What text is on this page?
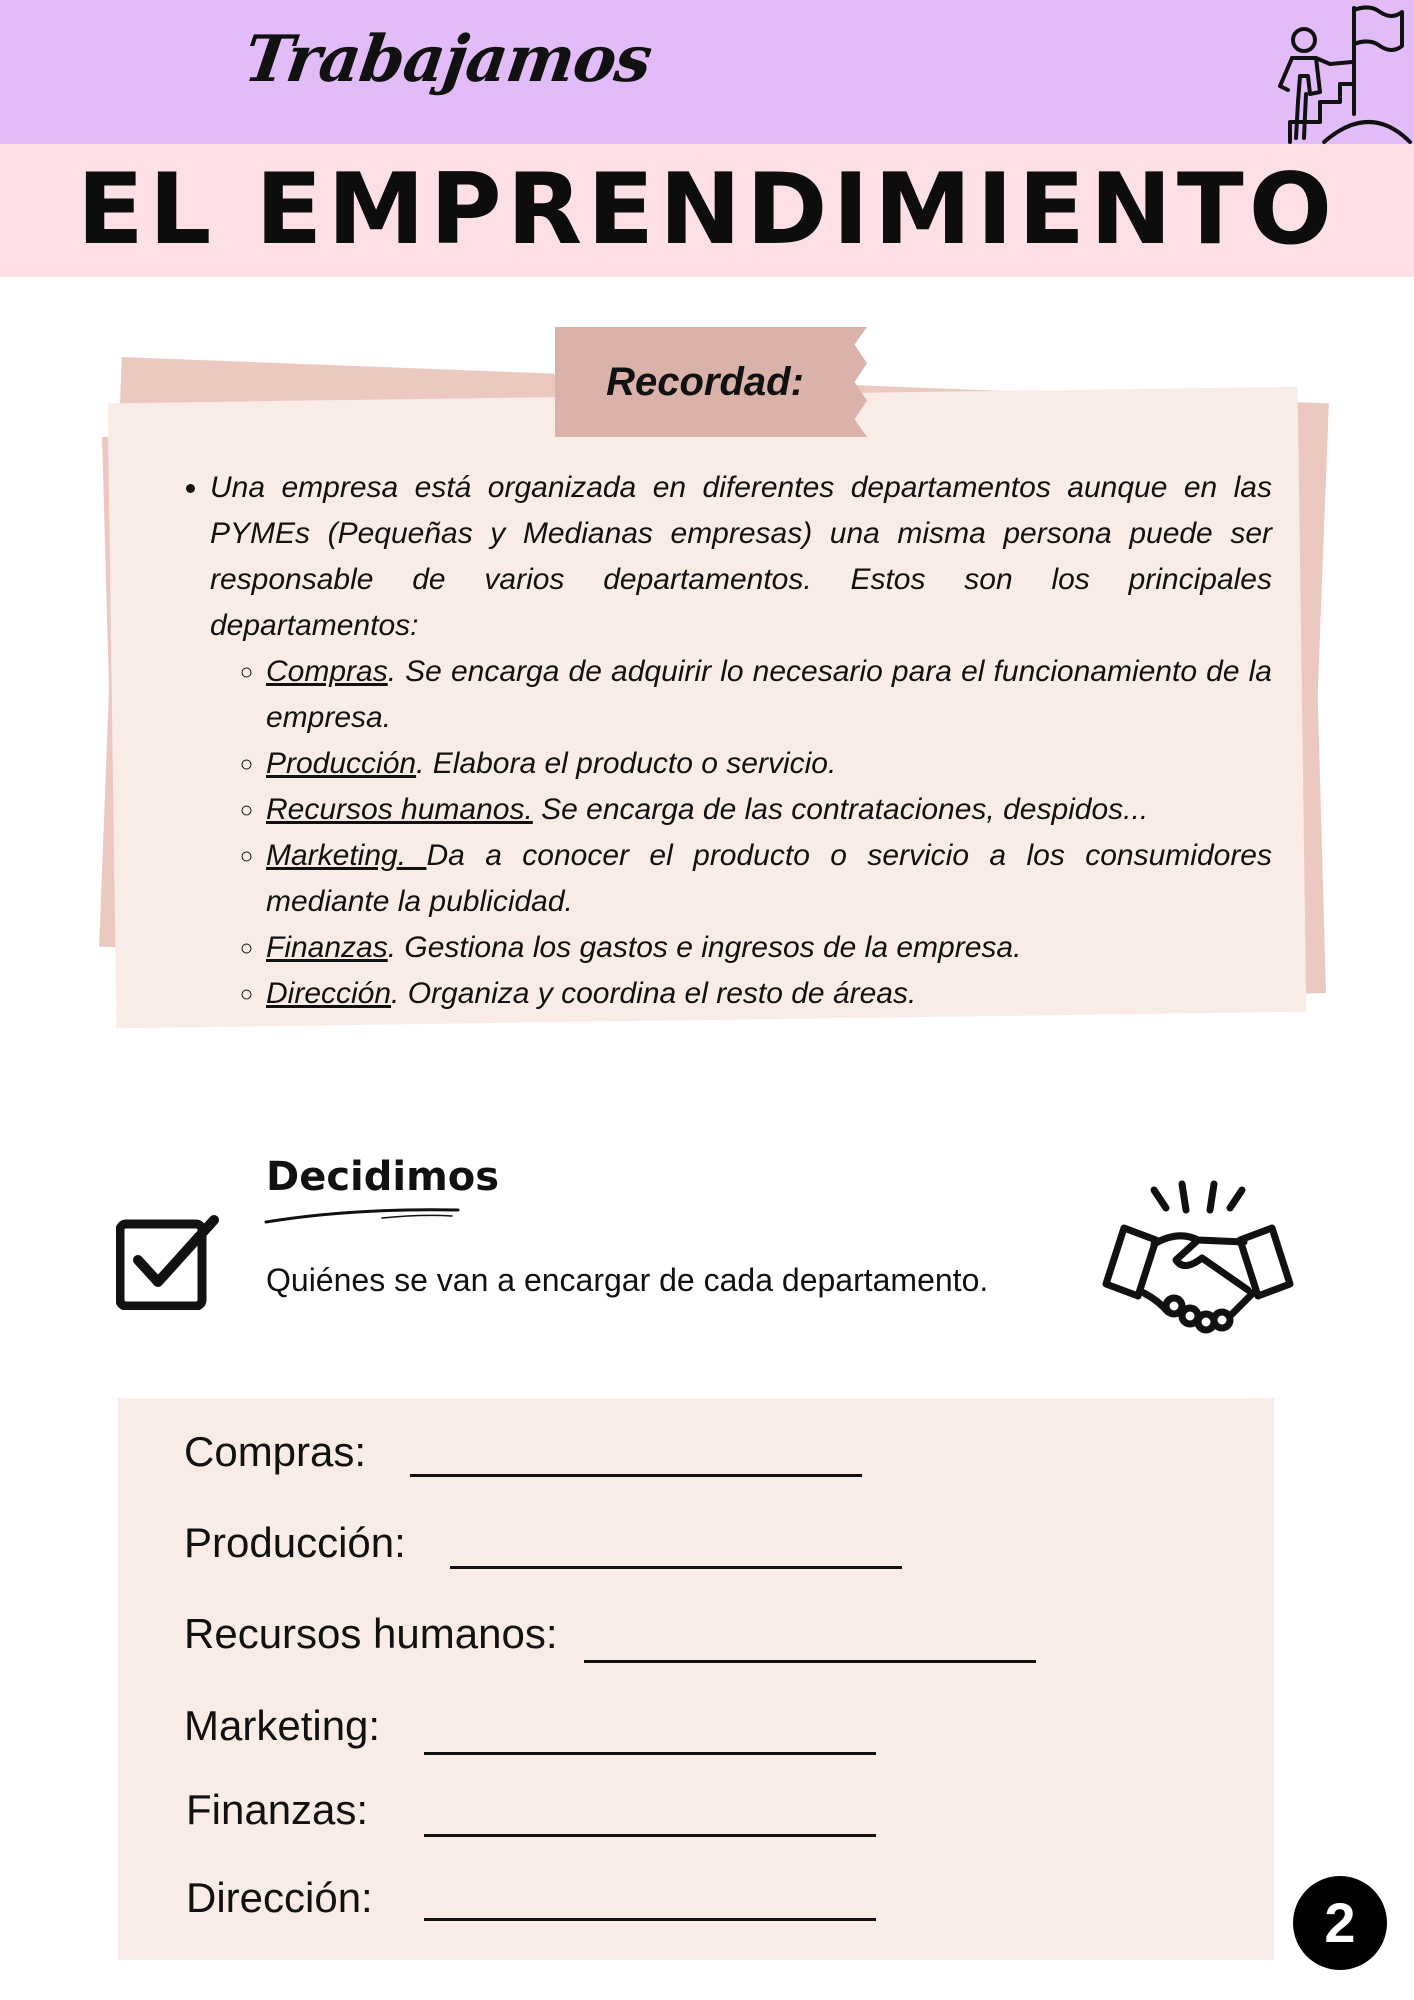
Trabajamos
EL EMPRENDIMIENTO
Recordad:
• Una empresa está organizada en diferentes departamentos aunque en las PYMEs (Pequeñas y Medianas empresas) una misma persona puede ser responsable de varios departamentos. Estos son los principales departamentos:
◦ Compras. Se encarga de adquirir lo necesario para el funcionamiento de la empresa.
◦ Producción. Elabora el producto o servicio.
◦ Recursos humanos. Se encarga de las contrataciones, despidos...
◦ Marketing. Da a conocer el producto o servicio a los consumidores mediante la publicidad.
◦ Finanzas. Gestiona los gastos e ingresos de la empresa.
◦ Dirección. Organiza y coordina el resto de áreas.
Decidimos
Quiénes se van a encargar de cada departamento.
Compras:
Producción:
Recursos humanos:
Marketing:
Finanzas:
Dirección:	2
